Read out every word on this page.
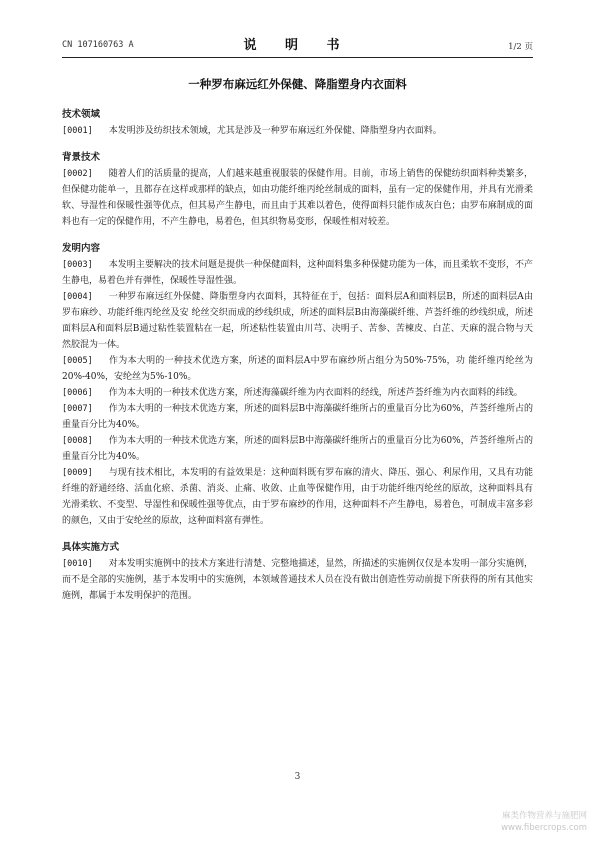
CN 107160763 A	说 明 书	1/2 页
一种罗布麻远红外保健、降脂塑身内衣面料
技术领域

[0001] 本发明涉及纺织技术领域，尤其是涉及一种罗布麻远红外保健、降脂塑身内衣面料。

背景技术

[0002] 随着人们的活质量的提高，人们越来越重视服装的保健作用。目前，市场上销售的保健纺织面料种类繁多，但保健功能单一，且都存在这样或那样的缺点，如由功能纤维丙纶丝制成的面料，虽有一定的保健作用，并具有光滑柔软、导湿性和保暖性强等优点，但其易产生静电，而且由于其难以着色，使得面料只能作成灰白色；由罗布麻制成的面料也有一定的保健作用，不产生静电，易着色，但其织物易变形，保暖性相对较差。

发明内容

[0003] 本发明主要解决的技术问题是提供一种保健面料，这种面料集多种保健功能为一体，而且柔软不变形，不产生静电，易着色并有弹性，保暖性导湿性强。

[0004] 一种罗布麻远红外保健、降脂塑身内衣面料，其特征在于，包括：面料层A和面料层B，所述的面料层A由罗布麻纱、功能纤维丙纶丝及安 纶丝交织而成的纱线织成，所述的面料层B由海藻碳纤维、芦荟纤维的纱线织成，所述面料层A和面料层B通过粘性装置粘在一起，所述粘性装置由川芎、决明子、苦参、苦楝皮、白芷、天麻的混合物与天然胶混为一体。

[0005] 作为本大明的一种技术优选方案，所述的面料层A中罗布麻纱所占组分为50%-75%，功 能纤维丙纶丝为20%-40%，安纶丝为5%-10%。

[0006] 作为本大明的一种技术优选方案，所述海藻碳纤维为内衣面料的经线，所述芦荟纤维为内衣面料的纬线。

[0007] 作为本大明的一种技术优选方案，所述的面料层B中海藻碳纤维所占的重量百分比为60%，芦荟纤维所占的重量百分比为40%。

[0008] 作为本大明的一种技术优选方案，所述的面料层B中海藻碳纤维所占的重量百分比为60%，芦荟纤维所占的重量百分比为40%。

[0009] 与现有技术相比，本发明的有益效果是：这种面料既有罗布麻的清火、降压、强心、利尿作用，又具有功能纤维的舒通经络、活血化瘀、杀菌、消炎、止痛、收敛、止血等保健作用，由于功能纤维丙纶丝的原故，这种面料具有光滑柔软、不变型、导湿性和保暖性强等优点，由于罗布麻纱的作用，这种面料不产生静电，易着色，可制成丰富多彩的颜色，又由于安纶丝的原故，这种面料富有弹性。

具体实施方式

[0010] 对本发明实施例中的技术方案进行清楚、完整地描述，显然，所描述的实施例仅仅是本发明一部分实施例，而不是全部的实施例，基于本发明中的实施例，本领域普通技术人员在没有做出创造性劳动前提下所获得的所有其他实施例，都属于本发明保护的范围。

3
麻类作物营养与施肥网
www.fibercrops.com
